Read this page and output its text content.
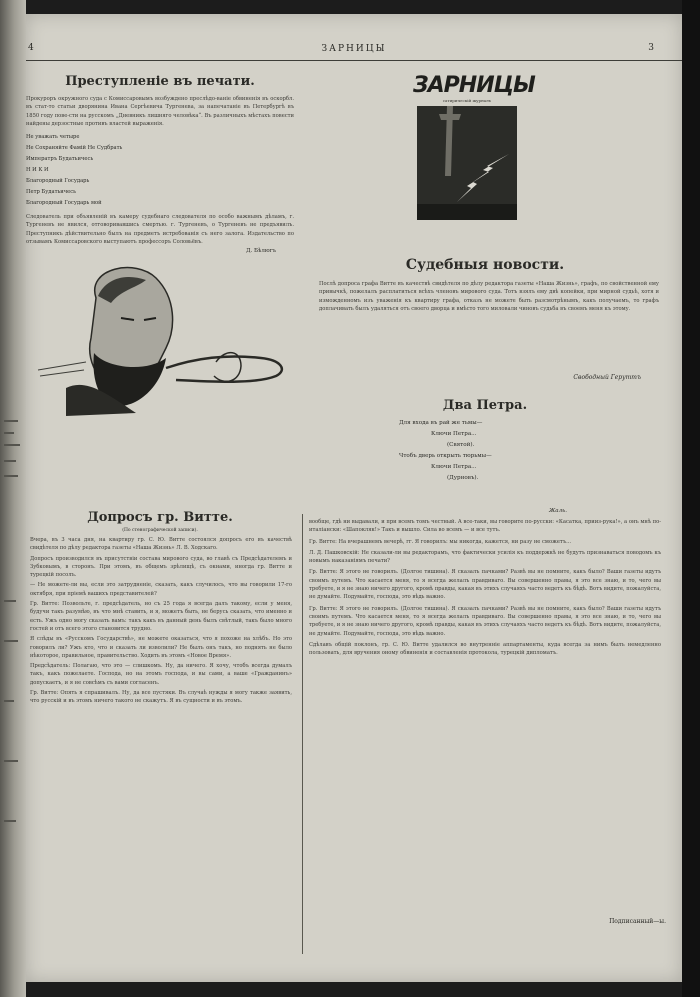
4	ЗАРНИЦЫ	3
Преступленіе въ печати.

Прокуроръ окружного суда с Комиссаровымъ возбуждено преслѣдо-ваніе обвиненія въ оскорбл. въ стат-то статьи дворянина Ивана Сергѣевича Тургенева, за напечатаніе въ Петербургѣ въ 1850 году пове-сти на русскомъ „Дневникъ лишняго человѣка“. Въ различныхъ мѣстахъ повести найдены дерзостные противъ властей выраженія.

Не уважать четыре
Не Сохраняйте Фамій Не Судбрать
Императръ Будатьичесь
Н И К И
Благородный Государь
Петр Будатьичесь
Благородный Государь мой

Следователь при объявленій въ камеру судебнаго следователя по особо важнымъ дѣламъ, г. Тургеневъ не явился, отговоривавшись смертью. г. Тургеневъ, о Тургеневъ не предъявилъ. Преступникъ дѣйствительно былъ на предметъ истребованія съ него залога. Издательство по отзывамъ Комиссаровского выступаютъ профессоръ Соловьёвъ.

Д. Бѣлюгъ
ЗАРНИЦЫ
сатирическій журналъ
Судебныя новости.

Послѣ допроса графа Витте въ качествѣ свидѣтеля по дѣлу редактора газеты «Наша Жизнь», графъ, по свойственной ему привычкѣ, пожелалъ расплатиться всѣхъ членовъ мирового суда. Тотъ взялъ ему двѣ копейки, при мирной судьѣ, хотя и изможденномъ изъ уваженія къ квартиру графа, отказъ не можете быть разсмотрѣнымъ, какъ получаемъ, то графъ доплачивать былъ удаляться отъ своего дворца и вмѣсто того миловали чиновъ судьба въ своемъ меня къ этому.

Свободный Геруттъ
Два Петра.
Для входа въ рай же тьмы—
Ключи Петра...
(Святой).
Чтобъ дверь открыть тюрьмы—
Ключи Петра...
(Дурновъ).
Жаль.

вообще, гдѣ ни выдавали, и при всемъ томъ честный. А все-таки, вы говорите по-русски: «Касатка, прииз-рука!», а онъ мнѣ по-италіански: «Шапокляк!» Такъ и вышло. Сила во всемъ — и все тутъ.

Гр. Витте: Ha вчерашнемъ вечерѣ, гг. Я говорилъ: мы никогда, кажется, ни разу не сможетъ...

Л. Д. Пашковскій: Не сказали-ли вы редакторамъ, что фактически усилія къ поддержкѣ не будутъ признаваться поводомъ къ новымъ наказаніямъ печати?

Гр. Витте: Я этого не говорилъ. (Долгое тишина). Я сказалъ пачками? Развѣ вы не помните, какъ было? Ваши газеты идутъ своимъ путемъ. Что касается меня, то я всегда желалъ правдиваго. Вы совершенно правы, я это все знаю, и то, чего вы требуете, и я не знаю ничего другого, кромѣ правды, какая въ этихъ случаяхъ часто ведетъ къ бѣдѣ. Вотъ видите, пожалуйста, не думайте. Подумайте, господа, это вѣдь важно.

Гр. Витте: Я этого не говорилъ. (Долгое тишина). Я сказалъ пачками? Развѣ вы не помните, какъ было? Ваши газеты идутъ своимъ путемъ. Что касается меня, то я всегда желалъ правдиваго. Вы совершенно правы, я это все знаю, и то, чего вы требуете, и я не знаю ничего другого, кромѣ правды, какая въ этихъ случаяхъ часто ведетъ къ бѣдѣ. Вотъ видите, пожалуйста, не думайте. Подумайте, господа, это вѣдь важно.

Сдѣлавъ общій поклонъ, гр. С. Ю. Витте удалился во внутренніе аппартаменты, куда всегда за нимъ былъ немедленно пользовать, для вручения оному обвиненія и составленія протокола, турецкій дипломатъ.

Допросъ гр. Витте.
(По стенографической записи).

Вчера, въ 3 часа дня, на квартиру гр. С. Ю. Витте состоялся допросъ его въ качествѣ свидѣтеля по дѣлу редактора газеты «Наша Жизнь» Л. В. Ходскаго.

Допросъ производился въ присутствіи состава мирового суда, во главѣ съ Предсѣдателемъ и Зубковымъ, в сторонъ. При этомъ, въ общемъ зрѣлищѣ, съ окнами, иногда гр. Витте и турецкій посолъ.

— Не можете-ли вы, если это затрудненіе, сказать, какъ случилось, что вы говорили 17-го октября, при пріемѣ вашихъ представителей?

Гр. Витте: Позвольте, г. предсѣдатель, но съ 25 года я всегда далъ такому, если у меня, будучи такъ разумѣю, въ что мнѣ ставить, и я, можетъ быть, не берусь сказать, что именно и есть. Ужъ одно могу сказать вамъ: такъ какъ въ данный день былъ свѣтлый, такъ было много гостей и отъ всего этого становится трудно.

Я слѣды въ «Русскомъ Государствѣ», не можете оказаться, что я похоже на хлѣбъ. Но это говорилъ ли? Ужъ кто, что и сказать ли изволили? Не былъ онъ такъ, но поднять не было нѣкоторое, правильное, правительство. Ходить въ этомъ «Новое Время».

Предсѣдатель: Полагаю, что это — слишкомъ. Ну, да ничего. Я хочу, чтобъ всегда думалъ такъ, какъ пожелаете. Господа, но на этомъ господа, и вы сами, а ваше «Гражданинъ» допускаетъ, и я не совсѣмъ съ вами согласенъ.

Гр. Витте: Опять я спрашивалъ. Ну, да все пустяки. Въ случаѣ нужды я могу также заявить, что русскій и въ этомъ ничего такого не скажутъ. Я въ сущности и въ этомъ.

Подписанный—ы.
